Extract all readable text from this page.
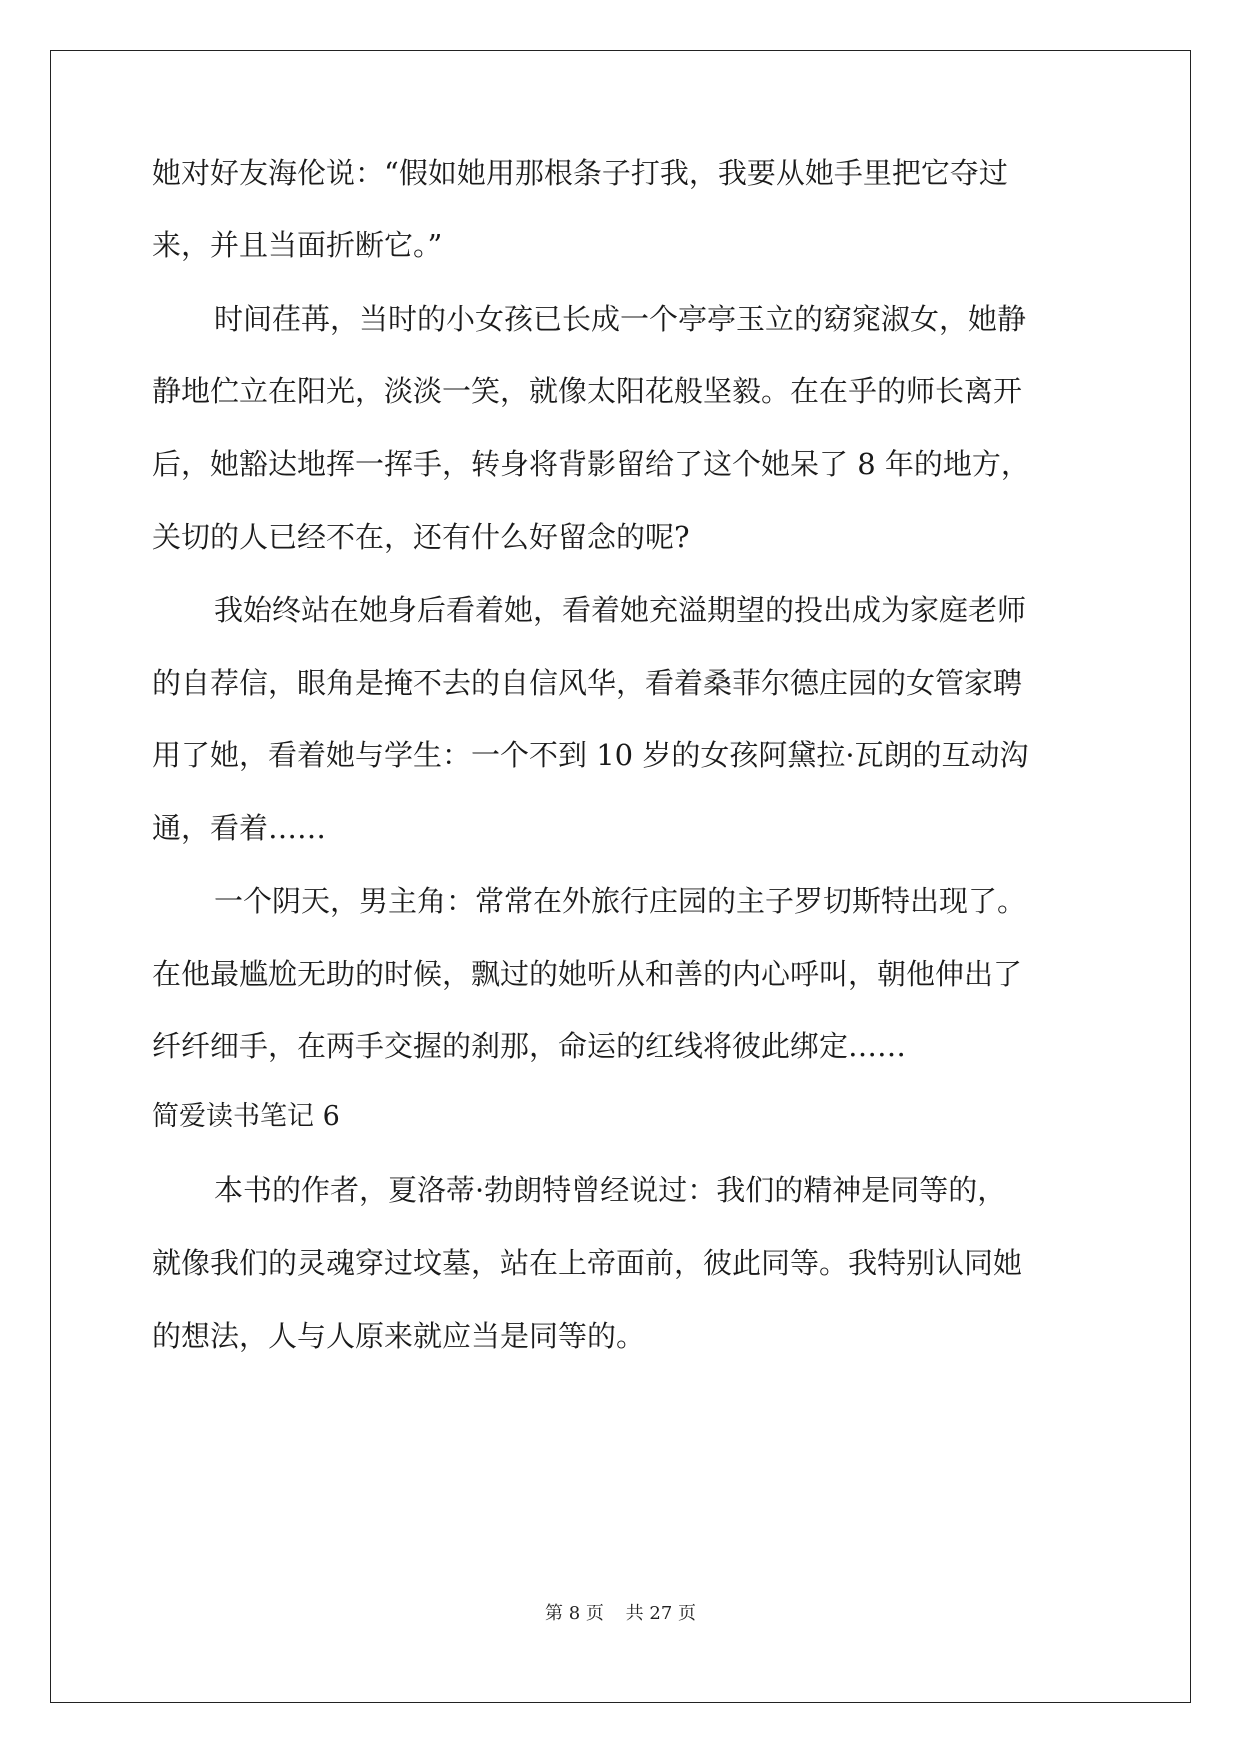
她对好友海伦说：“假如她用那根条子打我，我要从她手里把它夺过
来，并且当面折断它。”
时间荏苒，当时的小女孩已长成一个亭亭玉立的窈窕淑女，她静
静地伫立在阳光，淡淡一笑，就像太阳花般坚毅。在在乎的师长离开
后，她豁达地挥一挥手，转身将背影留给了这个她呆了 8 年的地方，
关切的人已经不在，还有什么好留念的呢?
我始终站在她身后看着她，看着她充溢期望的投出成为家庭老师
的自荐信，眼角是掩不去的自信风华，看着桑菲尔德庄园的女管家聘
用了她，看着她与学生：一个不到 10 岁的女孩阿黛拉·瓦朗的互动沟
通，看着……
一个阴天，男主角：常常在外旅行庄园的主子罗切斯特出现了。
在他最尴尬无助的时候，飘过的她听从和善的内心呼叫，朝他伸出了
纤纤细手，在两手交握的刹那，命运的红线将彼此绑定……
简爱读书笔记 6
本书的作者，夏洛蒂·勃朗特曾经说过：我们的精神是同等的，
就像我们的灵魂穿过坟墓，站在上帝面前，彼此同等。我特别认同她
的想法，人与人原来就应当是同等的。
第 8 页 共 27 页
